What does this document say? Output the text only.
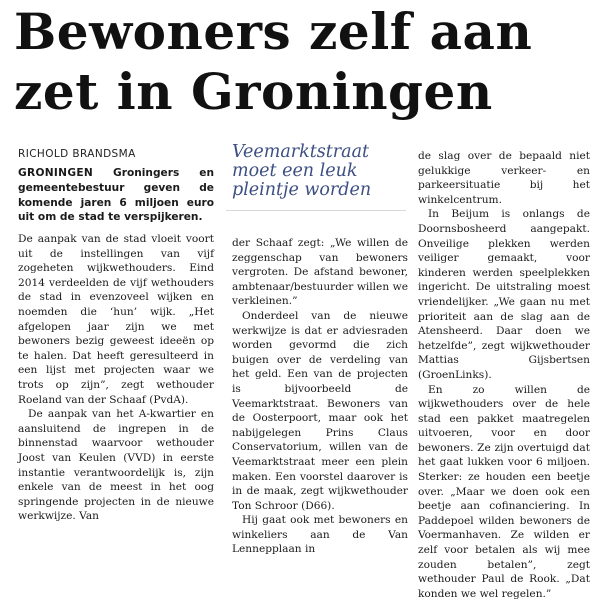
Bewoners zelf aan zet in Groningen
RICHOLD BRANDSMA	Veemarktstraat moet een leuk pleintje worden
GRONINGEN Groningers en gemeentebestuur geven de komende jaren 6 miljoen euro uit om de stad te verspijkeren.

De aanpak van de stad vloeit voort uit de instellingen van vijf zogeheten wijkwethouders. Eind 2014 verdeelden de vijf wethouders de stad in evenzoveel wijken en noemden die ‘hun’ wijk. „Het afgelopen jaar zijn we met bewoners bezig geweest ideeën op te halen. Dat heeft geresulteerd in een lijst met projecten waar we trots op zijn”, zegt wethouder Roeland van der Schaaf (PvdA).

De aanpak van het A-kwartier en aansluitend de ingrepen in de binnenstad waarvoor wethouder Joost van Keulen (VVD) in eerste instantie verantwoordelijk is, zijn enkele van de meest in het oog springende projecten in de nieuwe werkwijze. Van

der Schaaf zegt: „We willen de zeggenschap van bewoners vergroten. De afstand bewoner, ambtenaar/bestuurder willen we verkleinen.”

Onderdeel van de nieuwe werkwijze is dat er adviesraden worden gevormd die zich buigen over de verdeling van het geld. Een van de projecten is bijvoorbeeld de Veemarktstraat. Bewoners van de Oosterpoort, maar ook het nabijgelegen Prins Claus Conservatorium, willen van de Veemarktstraat meer een plein maken. Een voorstel daarover is in de maak, zegt wijkwethouder Ton Schroor (D66).

Hij gaat ook met bewoners en winkeliers aan de Van Lennepplaan in

de slag over de bepaald niet gelukkige verkeer- en parkeersituatie bij het winkelcentrum.

In Beijum is onlangs de Doornsbosheerd aangepakt. Onveilige plekken werden veiliger gemaakt, voor kinderen werden speelplekken ingericht. De uitstraling moest vriendelijker. „We gaan nu met prioriteit aan de slag aan de Atensheerd. Daar doen we hetzelfde”, zegt wijkwethouder Mattias Gijsbertsen (GroenLinks).

En zo willen de wijkwethouders over de hele stad een pakket maatregelen uitvoeren, voor en door bewoners. Ze zijn overtuigd dat het gaat lukken voor 6 miljoen. Sterker: ze houden een beetje over. „Maar we doen ook een beetje aan cofinanciering. In Paddepoel wilden bewoners de Voermanhaven. Ze wilden er zelf voor betalen als wij mee zouden betalen”, zegt wethouder Paul de Rook. „Dat konden we wel regelen.”
